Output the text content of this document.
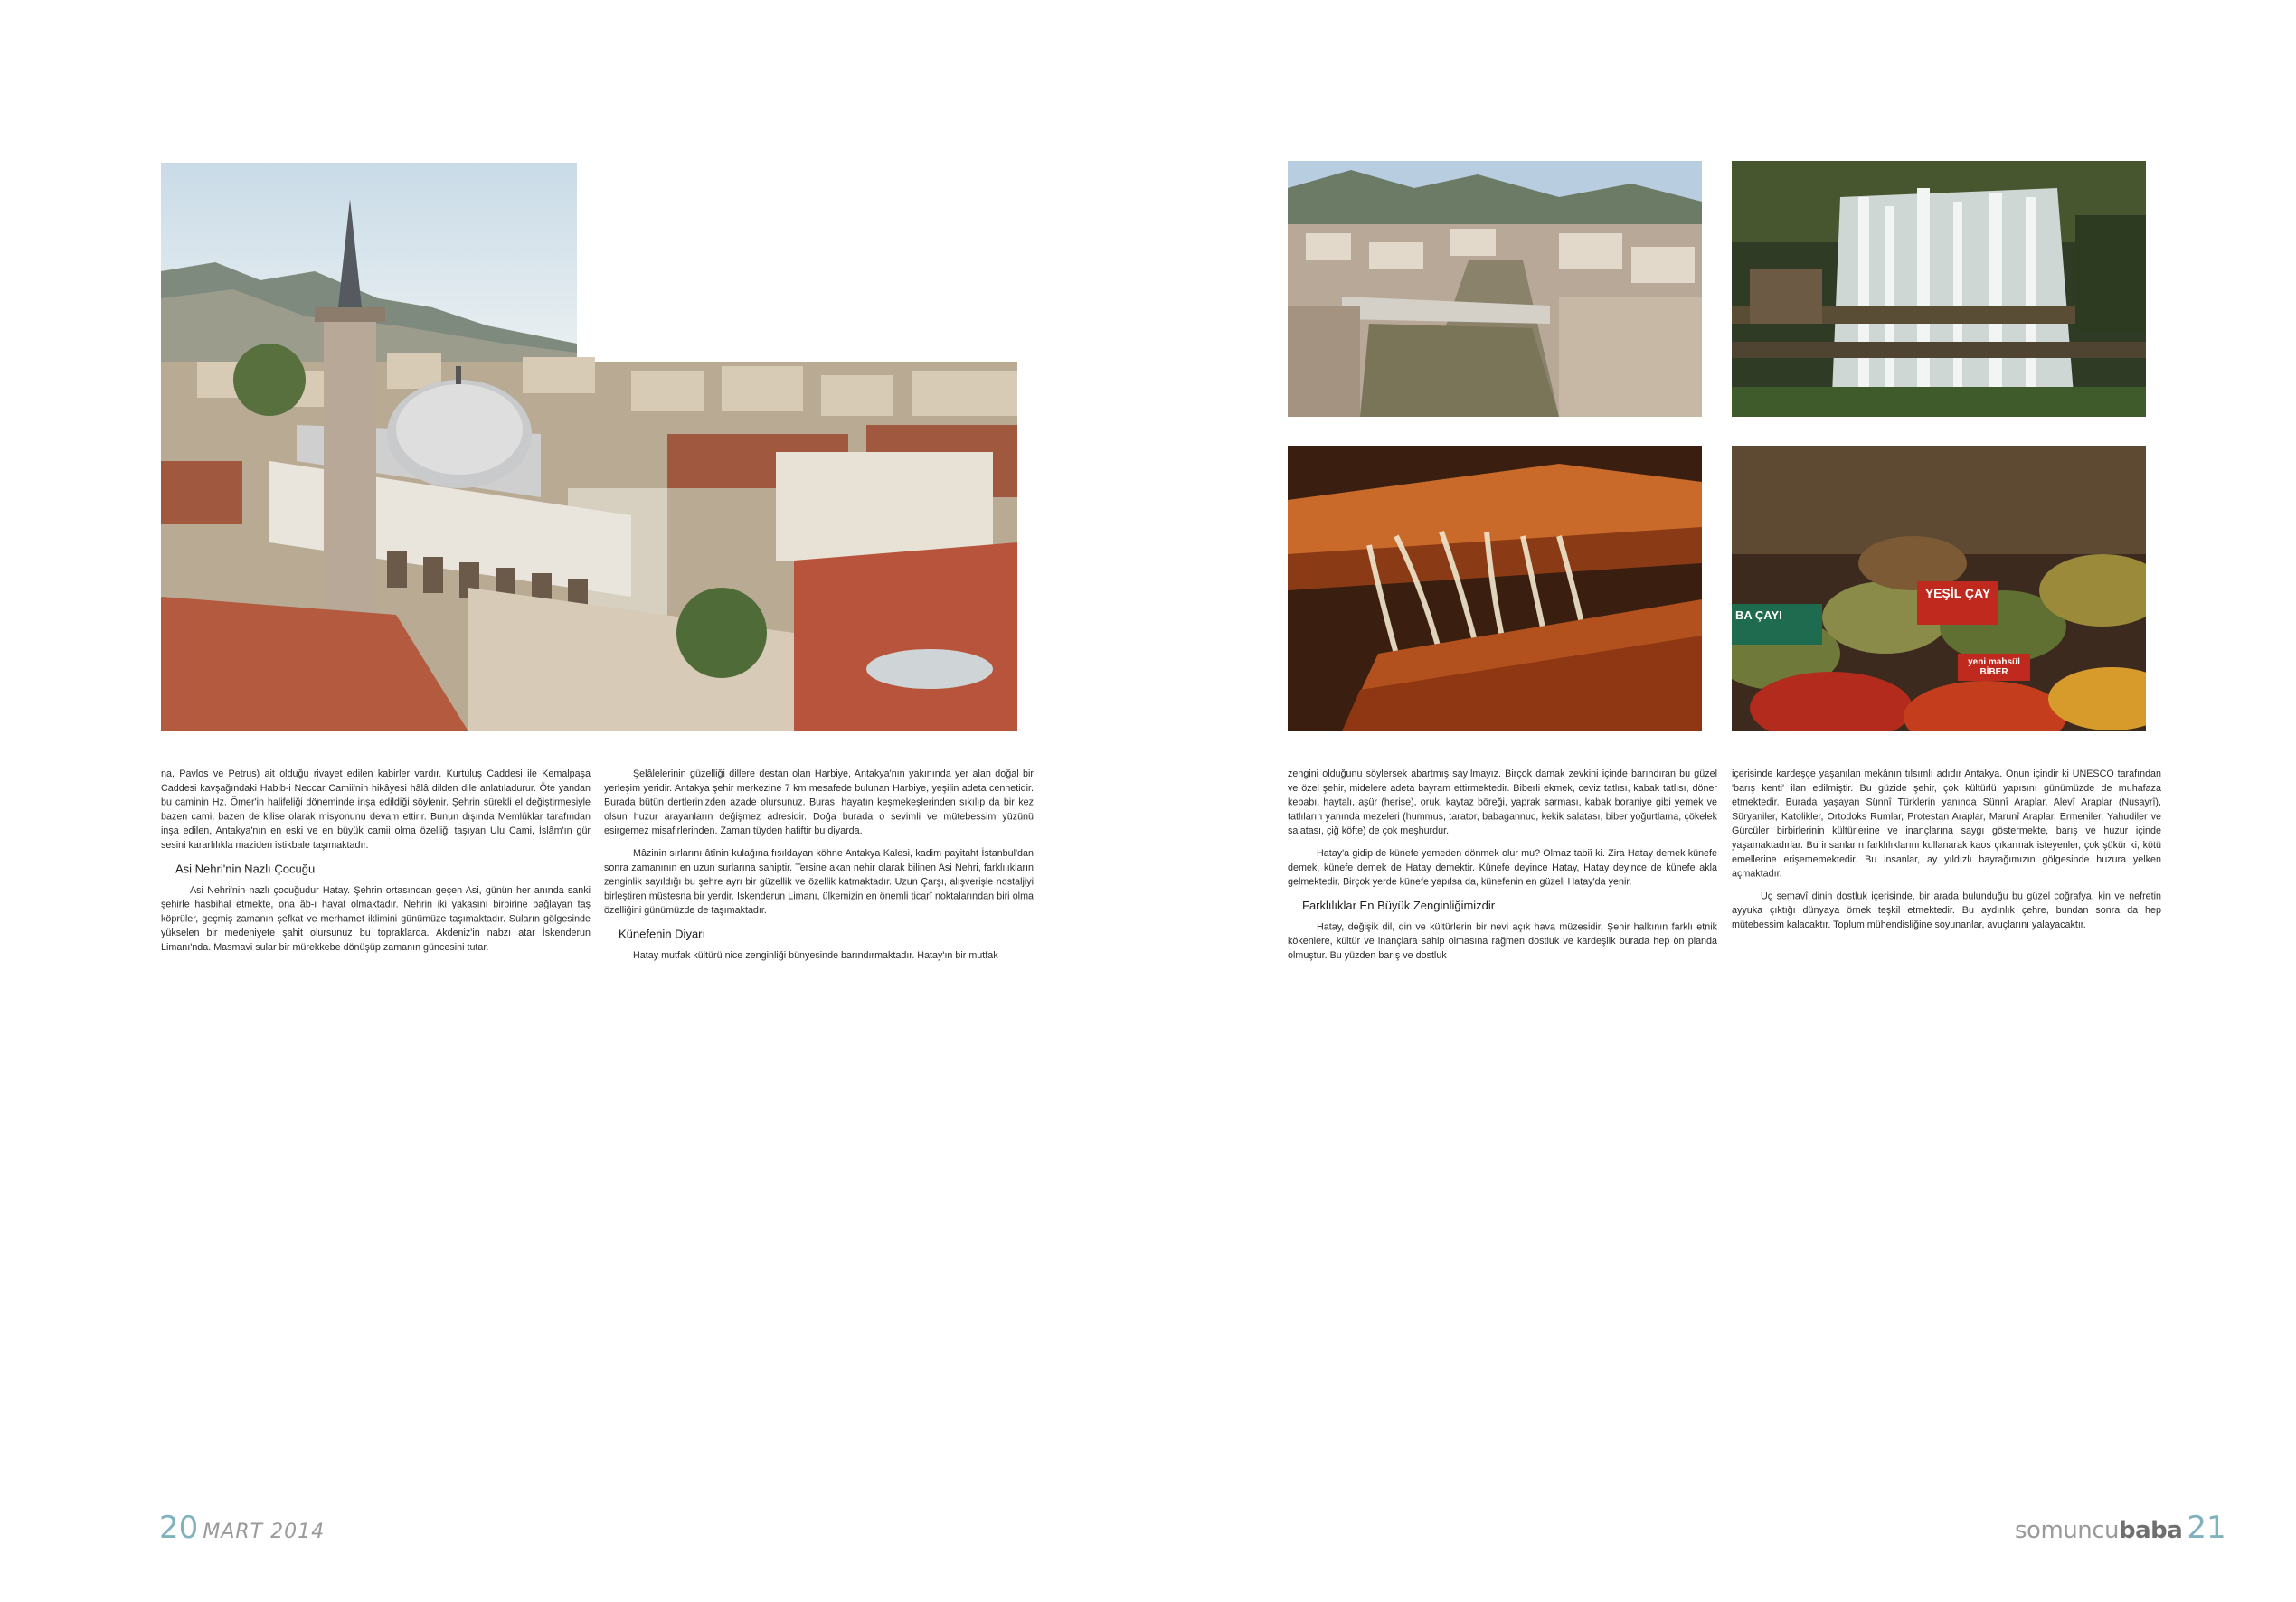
YEŞİL ÇAY
BA ÇAYI
yeni mahsül BİBER

na, Pavlos ve Petrus) ait olduğu rivayet edilen kabirler vardır. Kurtuluş Caddesi ile Kemalpaşa Caddesi kavşağındaki Habib-i Neccar Camii'nin hikâyesi hâlâ dilden dile anlatıladurur. Öte yandan bu caminin Hz. Ömer'in halifeliği döneminde inşa edildiği söylenir. Şehrin sürekli el değiştirmesiyle bazen cami, bazen de kilise olarak misyonunu devam ettirir. Bunun dışında Memlûklar tarafından inşa edilen, Antakya'nın en eski ve en büyük camii olma özelliği taşıyan Ulu Cami, İslâm'ın gür sesini kararlılıkla maziden istikbale taşımaktadır.

Asi Nehri'nin Nazlı Çocuğu

Asi Nehri'nin nazlı çocuğudur Hatay. Şehrin ortasından geçen Asi, günün her anında sanki şehirle hasbihal etmekte, ona âb-ı hayat olmaktadır. Nehrin iki yakasını birbirine bağlayan taş köprüler, geçmiş zamanın şefkat ve merhamet iklimini günümüze taşımaktadır. Suların gölgesinde yükselen bir medeniyete şahit olursunuz bu topraklarda. Akdeniz'in nabzı atar İskenderun Limanı'nda. Masmavi sular bir mürekkebe dönüşüp zamanın güncesini tutar.

Şelâlelerinin güzelliği dillere destan olan Harbiye, Antakya'nın yakınında yer alan doğal bir yerleşim yeridir. Antakya şehir merkezine 7 km mesafede bulunan Harbiye, yeşilin adeta cennetidir. Burada bütün dertlerinizden azade olursunuz. Burası hayatın keşmekeşlerinden sıkılıp da bir kez olsun huzur arayanların değişmez adresidir. Doğa burada o sevimli ve mütebessim yüzünü esirgemez misafirlerinden. Zaman tüyden hafiftir bu diyarda.

Mâzinin sırlarını âtînin kulağına fısıldayan köhne Antakya Kalesi, kadim payitaht İstanbul'dan sonra zamanının en uzun surlarına sahiptir. Tersine akan nehir olarak bilinen Asi Nehri, farklılıkların zenginlik sayıldığı bu şehre ayrı bir güzellik ve özellik katmaktadır. Uzun Çarşı, alışverişle nostaljiyi birleştiren müstesna bir yerdir. İskenderun Limanı, ülkemizin en önemli ticarî noktalarından biri olma özelliğini günümüzde de taşımaktadır.

Künefenin Diyarı

Hatay mutfak kültürü nice zenginliği bünyesinde barındırmaktadır. Hatay'ın bir mutfak

zengini olduğunu söylersek abartmış sayılmayız. Birçok damak zevkini içinde barındıran bu güzel ve özel şehir, midelere adeta bayram ettirmektedir. Biberli ekmek, ceviz tatlısı, kabak tatlısı, döner kebabı, haytalı, aşür (herise), oruk, kaytaz böreği, yaprak sarması, kabak boraniye gibi yemek ve tatlıların yanında mezeleri (hummus, tarator, babagannuc, kekik salatası, biber yoğurtlama, çökelek salatası, çiğ köfte) de çok meşhurdur.

Hatay'a gidip de künefe yemeden dönmek olur mu? Olmaz tabiî ki. Zira Hatay demek künefe demek, künefe demek de Hatay demektir. Künefe deyince Hatay, Hatay deyince de künefe akla gelmektedir. Birçok yerde künefe yapılsa da, künefenin en güzeli Hatay'da yenir.

Farklılıklar En Büyük Zenginliğimizdir

Hatay, değişik dil, din ve kültürlerin bir nevi açık hava müzesidir. Şehir halkının farklı etnik kökenlere, kültür ve inançlara sahip olmasına rağmen dostluk ve kardeşlik burada hep ön planda olmuştur. Bu yüzden barış ve dostluk

içerisinde kardeşçe yaşanılan mekânın tılsımlı adıdır Antakya. Onun içindir ki UNESCO tarafından 'barış kenti' ilan edilmiştir. Bu güzide şehir, çok kültürlü yapısını günümüzde de muhafaza etmektedir. Burada yaşayan Sünnî Türklerin yanında Sünnî Araplar, Alevî Araplar (Nusayrî), Süryaniler, Katolikler, Ortodoks Rumlar, Protestan Araplar, Marunî Araplar, Ermeniler, Yahudiler ve Gürcüler birbirlerinin kültürlerine ve inançlarına saygı göstermekte, barış ve huzur içinde yaşamaktadırlar. Bu insanların farklılıklarını kullanarak kaos çıkarmak isteyenler, çok şükür ki, kötü emellerine erişememektedir. Bu insanlar, ay yıldızlı bayrağımızın gölgesinde huzura yelken açmaktadır.

Üç semavî dinin dostluk içerisinde, bir arada bulunduğu bu güzel coğrafya, kin ve nefretin ayyuka çıktığı dünyaya örnek teşkil etmektedir. Bu aydınlık çehre, bundan sonra da hep mütebessim kalacaktır. Toplum mühendisliğine soyunanlar, avuçlarını yalayacaktır.

20 MART 2014	somuncubaba 21
